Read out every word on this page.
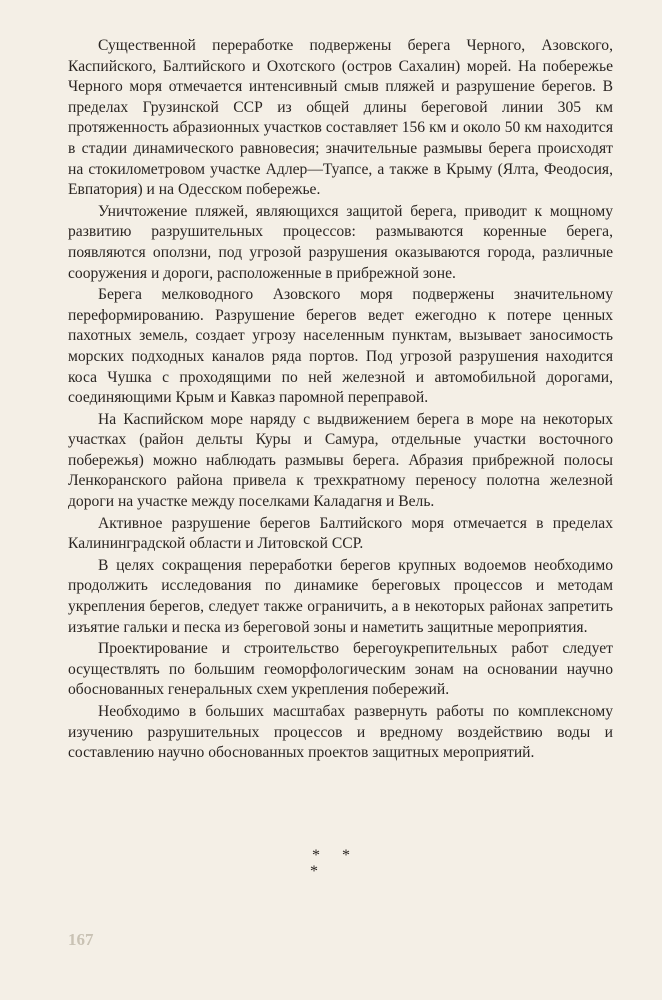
Существенной переработке подвержены берега Черного, Азовского, Каспийского, Балтийского и Охотского (остров Сахалин) морей. На побережье Черного моря отмечается интенсивный смыв пляжей и разрушение берегов. В пределах Грузинской ССР из общей длины береговой линии 305 км протяженность абразионных участков составляет 156 км и около 50 км находится в стадии динамического равновесия; значительные размывы берега происходят на стокилометровом участке Адлер—Туапсе, а также в Крыму (Ялта, Феодосия, Евпатория) и на Одесском побережье.

Уничтожение пляжей, являющихся защитой берега, приводит к мощному развитию разрушительных процессов: размываются коренные берега, появляются оползни, под угрозой разрушения оказываются города, различные сооружения и дороги, расположенные в прибрежной зоне.

Берега мелководного Азовского моря подвержены значительному переформированию. Разрушение берегов ведет ежегодно к потере ценных пахотных земель, создает угрозу населенным пунктам, вызывает заносимость морских подходных каналов ряда портов. Под угрозой разрушения находится коса Чушка с проходящими по ней железной и автомобильной дорогами, соединяющими Крым и Кавказ паромной переправой.

На Каспийском море наряду с выдвижением берега в море на некоторых участках (район дельты Куры и Самура, отдельные участки восточного побережья) можно наблюдать размывы берега. Абразия прибрежной полосы Ленкоранского района привела к трехкратному переносу полотна железной дороги на участке между поселками Каладагня и Вель.

Активное разрушение берегов Балтийского моря отмечается в пределах Калининградской области и Литовской ССР.

В целях сокращения переработки берегов крупных водоемов необходимо продолжить исследования по динамике береговых процессов и методам укрепления берегов, следует также ограничить, а в некоторых районах запретить изъятие гальки и песка из береговой зоны и наметить защитные мероприятия.

Проектирование и строительство берегоукрепительных работ следует осуществлять по большим геоморфологическим зонам на основании научно обоснованных генеральных схем укрепления побережий.

Необходимо в больших масштабах развернуть работы по комплексному изучению разрушительных процессов и вредному воздействию воды и составлению научно обоснованных проектов защитных мероприятий.

* *
*
167
